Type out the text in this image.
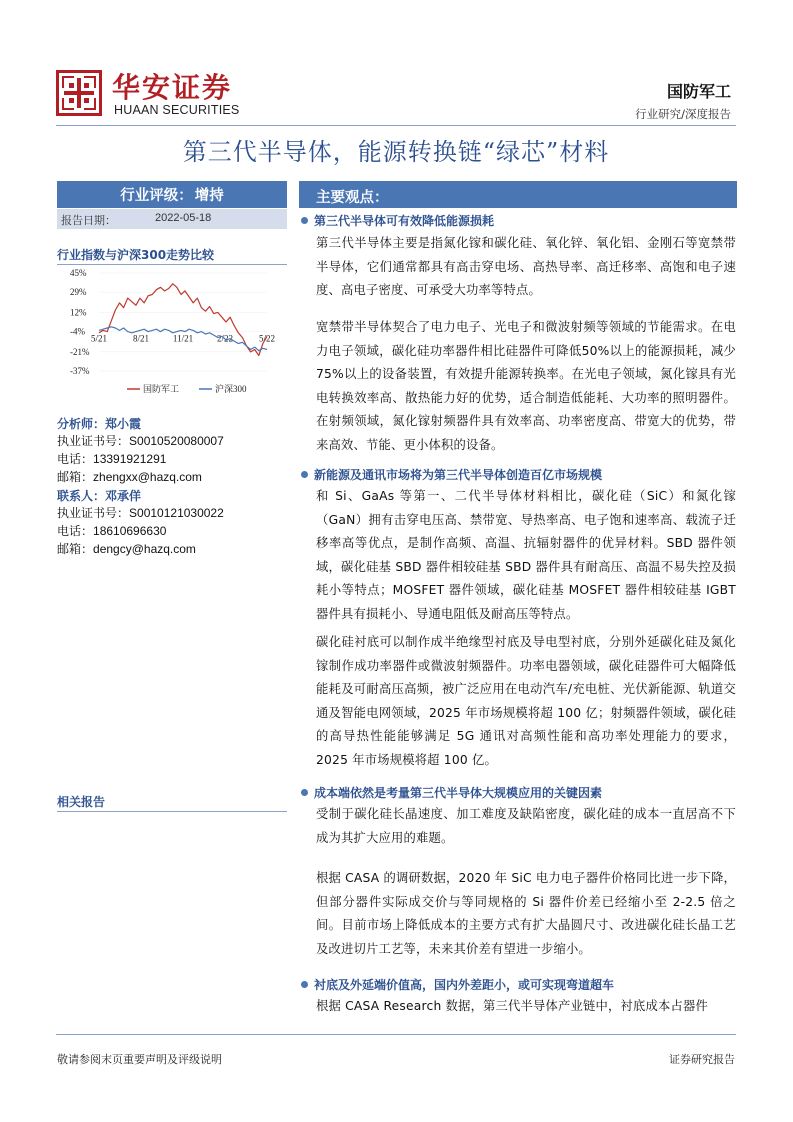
华安证券
HUAAN SECURITIES
国防军工
行业研究/深度报告
第三代半导体，能源转换链“绿芯”材料
行业评级： 增持
报告日期：	2022-05-18
行业指数与沪深300走势比较
45%
29%
12%
-4%
-21%
-37%
5/21	8/21	11/21	2/22	5/22
国防军工	沪深300
分析师：郑小霞
执业证书号：S0010520080007
电话：13391921291
邮箱：zhengxx@hazq.com
联系人：邓承佯
执业证书号：S0010121030022
电话：18610696630
邮箱：dengcy@hazq.com
相关报告
主要观点：
第三代半导体可有效降低能源损耗
第三代半导体主要是指氮化镓和碳化硅、氧化锌、氧化铝、金刚石等宽禁带半导体，它们通常都具有高击穿电场、高热导率、高迁移率、高饱和电子速度、高电子密度、可承受大功率等特点。
宽禁带半导体契合了电力电子、光电子和微波射频等领域的节能需求。在电力电子领域，碳化硅功率器件相比硅器件可降低50%以上的能源损耗，减少75%以上的设备装置，有效提升能源转换率。在光电子领域，氮化镓具有光电转换效率高、散热能力好的优势，适合制造低能耗、大功率的照明器件。在射频领域，氮化镓射频器件具有效率高、功率密度高、带宽大的优势，带来高效、节能、更小体积的设备。
新能源及通讯市场将为第三代半导体创造百亿市场规模
和 Si、GaAs 等第一、二代半导体材料相比，碳化硅（SiC）和氮化镓（GaN）拥有击穿电压高、禁带宽、导热率高、电子饱和速率高、载流子迁移率高等优点，是制作高频、高温、抗辐射器件的优异材料。SBD 器件领域，碳化硅基 SBD 器件相较硅基 SBD 器件具有耐高压、高温不易失控及损耗小等特点；MOSFET 器件领域，碳化硅基 MOSFET 器件相较硅基 IGBT 器件具有损耗小、导通电阻低及耐高压等特点。
碳化硅衬底可以制作成半绝缘型衬底及导电型衬底，分别外延碳化硅及氮化镓制作成功率器件或微波射频器件。功率电器领域，碳化硅器件可大幅降低能耗及可耐高压高频，被广泛应用在电动汽车/充电桩、光伏新能源、轨道交通及智能电网领域，2025 年市场规模将超 100 亿；射频器件领域，碳化硅的高导热性能能够满足 5G 通讯对高频性能和高功率处理能力的要求，2025 年市场规模将超 100 亿。
成本端依然是考量第三代半导体大规模应用的关键因素
受制于碳化硅长晶速度、加工难度及缺陷密度，碳化硅的成本一直居高不下成为其扩大应用的难题。
根据 CASA 的调研数据，2020 年 SiC 电力电子器件价格同比进一步下降，但部分器件实际成交价与等同规格的 Si 器件价差已经缩小至 2-2.5 倍之间。目前市场上降低成本的主要方式有扩大晶圆尺寸、改进碳化硅长晶工艺及改进切片工艺等，未来其价差有望进一步缩小。
衬底及外延端价值高，国内外差距小，或可实现弯道超车
根据 CASA Research 数据，第三代半导体产业链中，衬底成本占器件
敬请参阅末页重要声明及评级说明	证券研究报告
